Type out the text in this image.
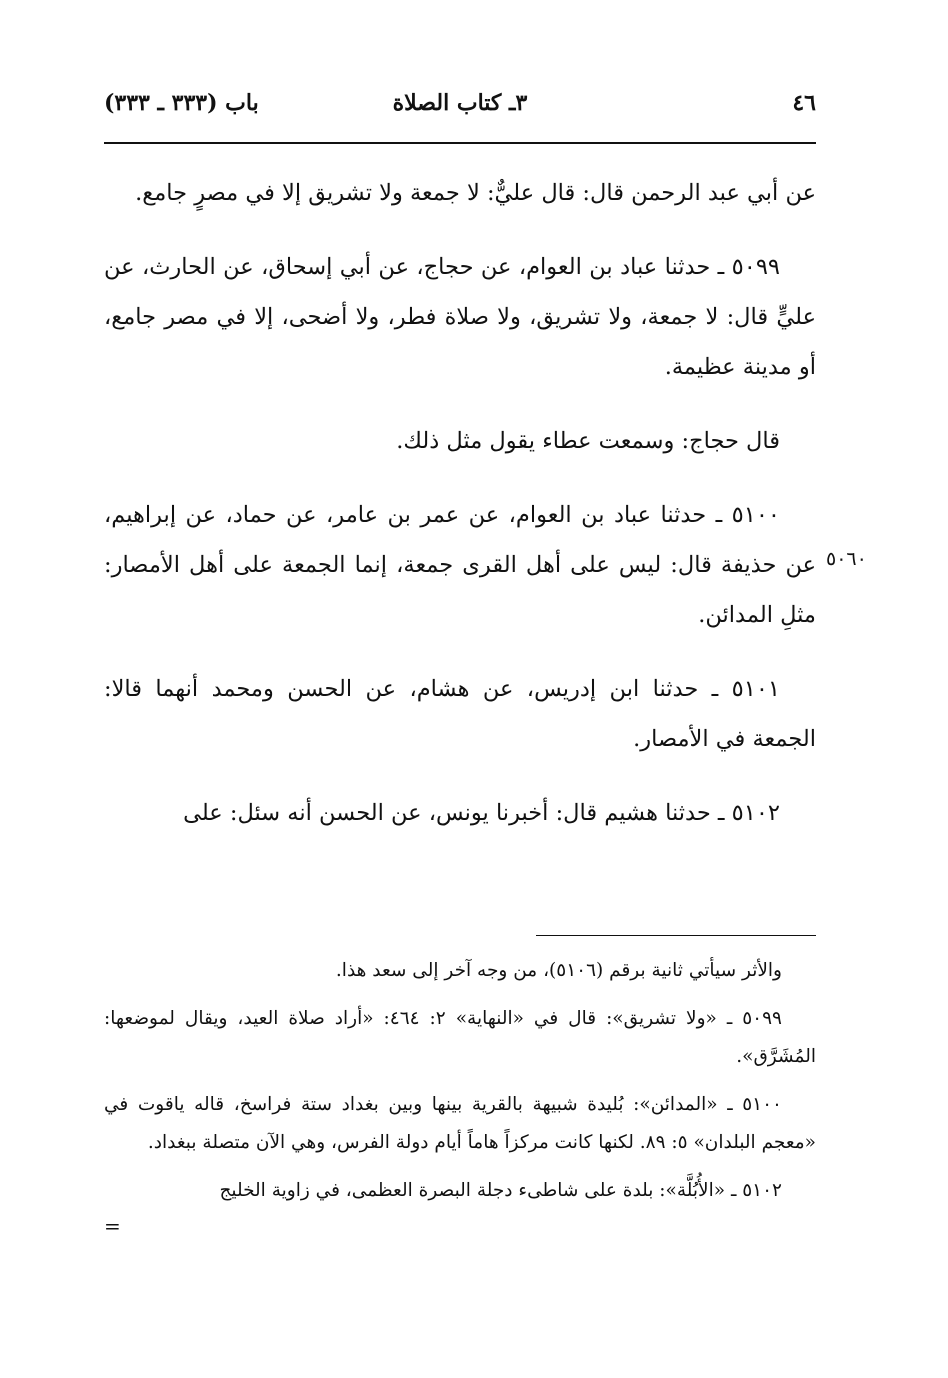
٤٦
٣ـ كتاب الصلاة
باب (٣٣٣ ـ ٣٣٣)
٥٠٦٠

عن أبي عبد الرحمن قال: قال عليٌّ: لا جمعة ولا تشريق إلا في مصرٍ جامع.

٥٠٩٩ ـ حدثنا عباد بن العوام، عن حجاج، عن أبي إسحاق، عن الحارث، عن عليٍّ قال: لا جمعة، ولا تشريق، ولا صلاة فطر، ولا أضحى، إلا في مصر جامع، أو مدينة عظيمة.

قال حجاج: وسمعت عطاء يقول مثل ذلك.

٥١٠٠ ـ حدثنا عباد بن العوام، عن عمر بن عامر، عن حماد، عن إبراهيم، عن حذيفة قال: ليس على أهل القرى جمعة، إنما الجمعة على أهل الأمصار: مثلِ المدائن.

٥١٠١ ـ حدثنا ابن إدريس، عن هشام، عن الحسن ومحمد أنهما قالا: الجمعة في الأمصار.

٥١٠٢ ـ حدثنا هشيم قال: أخبرنا يونس، عن الحسن أنه سئل: على

والأثر سيأتي ثانية برقم (٥١٠٦)، من وجه آخر إلى سعد هذا.

٥٠٩٩ ـ «ولا تشريق»: قال في «النهاية» ٢: ٤٦٤: «أراد صلاة العيد، ويقال لموضعها: المُشَرَّق».

٥١٠٠ ـ «المدائن»: بُليدة شبيهة بالقرية بينها وبين بغداد ستة فراسخ، قاله ياقوت في «معجم البلدان» ٥: ٨٩. لكنها كانت مركزاً هاماً أيام دولة الفرس، وهي الآن متصلة ببغداد.

٥١٠٢ ـ «الأُبُلَّة»: بلدة على شاطىء دجلة البصرة العظمى، في زاوية الخليج

=
